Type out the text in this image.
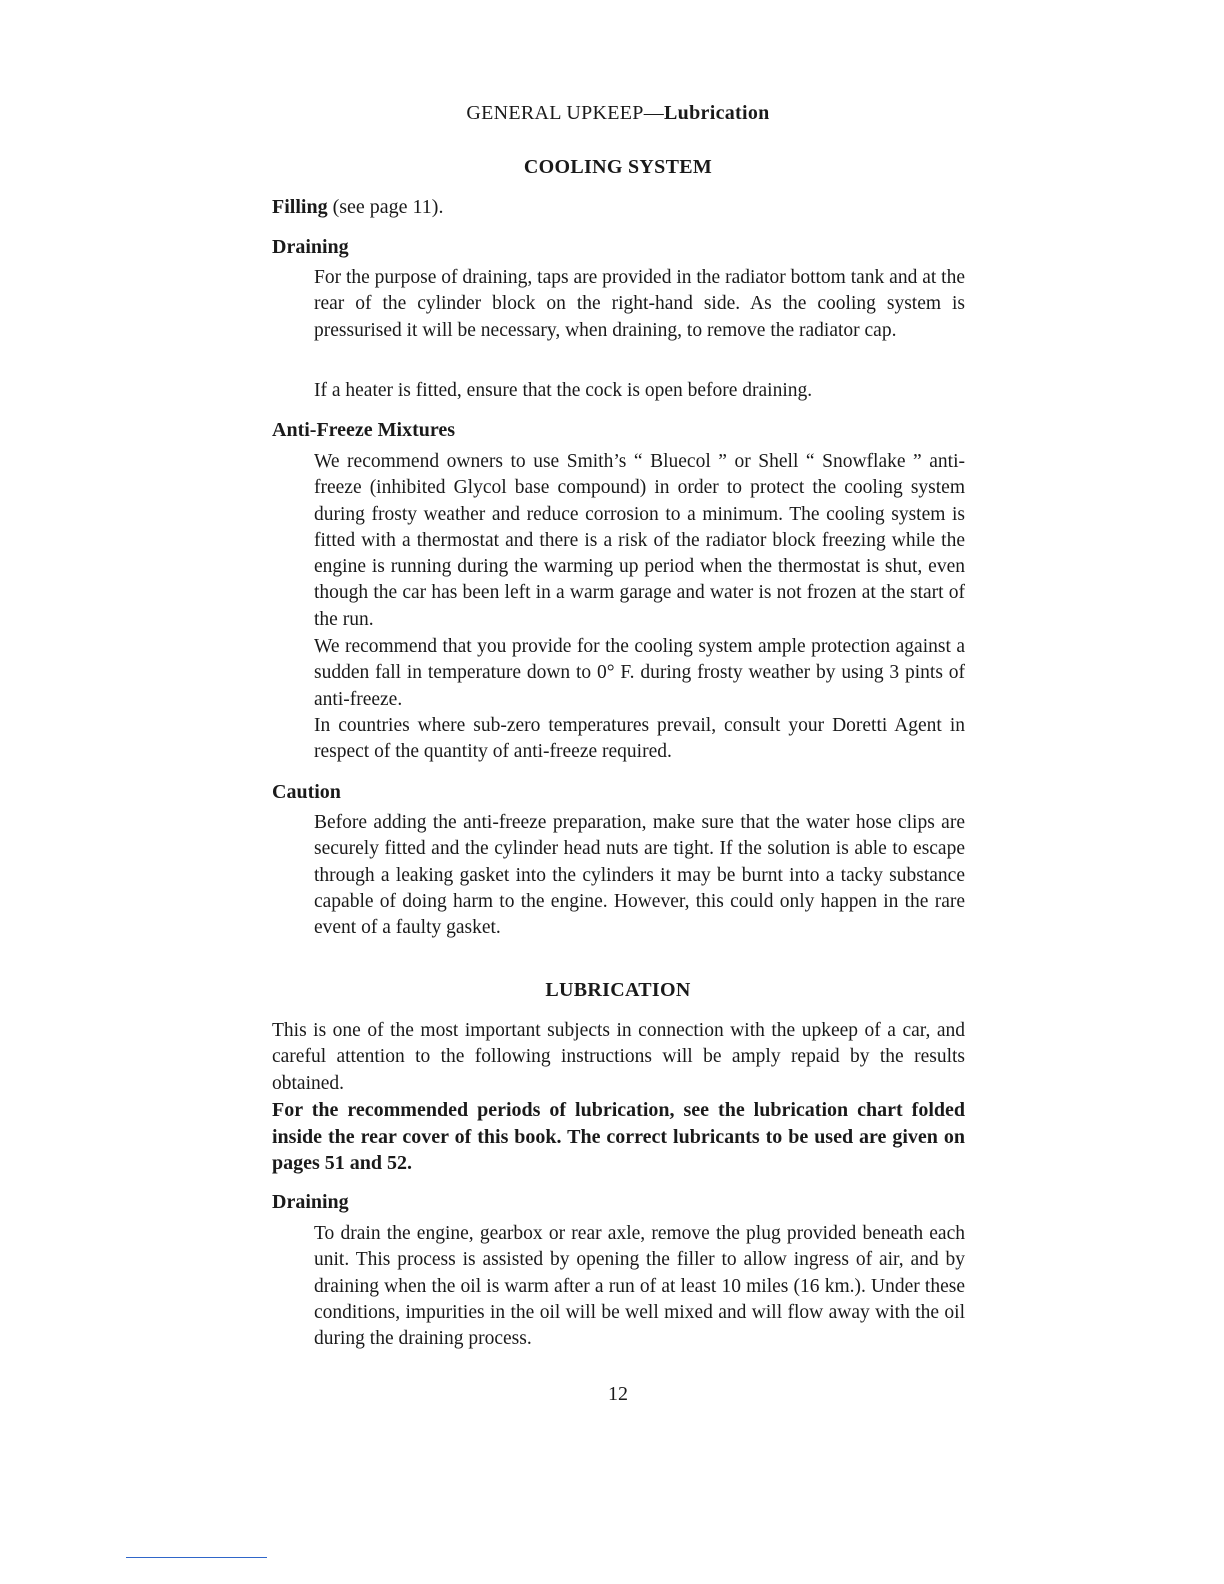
GENERAL UPKEEP—Lubrication
COOLING SYSTEM
Filling (see page 11).
Draining

For the purpose of draining, taps are provided in the radiator bottom tank and at the rear of the cylinder block on the right-hand side. As the cooling system is pressurised it will be necessary, when draining, to remove the radiator cap.

If a heater is fitted, ensure that the cock is open before draining.

Anti-Freeze Mixtures

We recommend owners to use Smith’s “ Bluecol ” or Shell “ Snowflake ” anti-freeze (inhibited Glycol base compound) in order to protect the cooling system during frosty weather and reduce corrosion to a minimum. The cooling system is fitted with a thermostat and there is a risk of the radiator block freezing while the engine is running during the warming up period when the thermostat is shut, even though the car has been left in a warm garage and water is not frozen at the start of the run.

We recommend that you provide for the cooling system ample protection against a sudden fall in temperature down to 0° F. during frosty weather by using 3 pints of anti-freeze.

In countries where sub-zero temperatures prevail, consult your Doretti Agent in respect of the quantity of anti-freeze required.

Caution

Before adding the anti-freeze preparation, make sure that the water hose clips are securely fitted and the cylinder head nuts are tight. If the solution is able to escape through a leaking gasket into the cylinders it may be burnt into a tacky substance capable of doing harm to the engine. However, this could only happen in the rare event of a faulty gasket.

LUBRICATION

This is one of the most important subjects in connection with the upkeep of a car, and careful attention to the following instructions will be amply repaid by the results obtained.

For the recommended periods of lubrication, see the lubrication chart folded inside the rear cover of this book. The correct lubricants to be used are given on pages 51 and 52.

Draining

To drain the engine, gearbox or rear axle, remove the plug provided beneath each unit. This process is assisted by opening the filler to allow ingress of air, and by draining when the oil is warm after a run of at least 10 miles (16 km.). Under these conditions, impurities in the oil will be well mixed and will flow away with the oil during the draining process.

12
